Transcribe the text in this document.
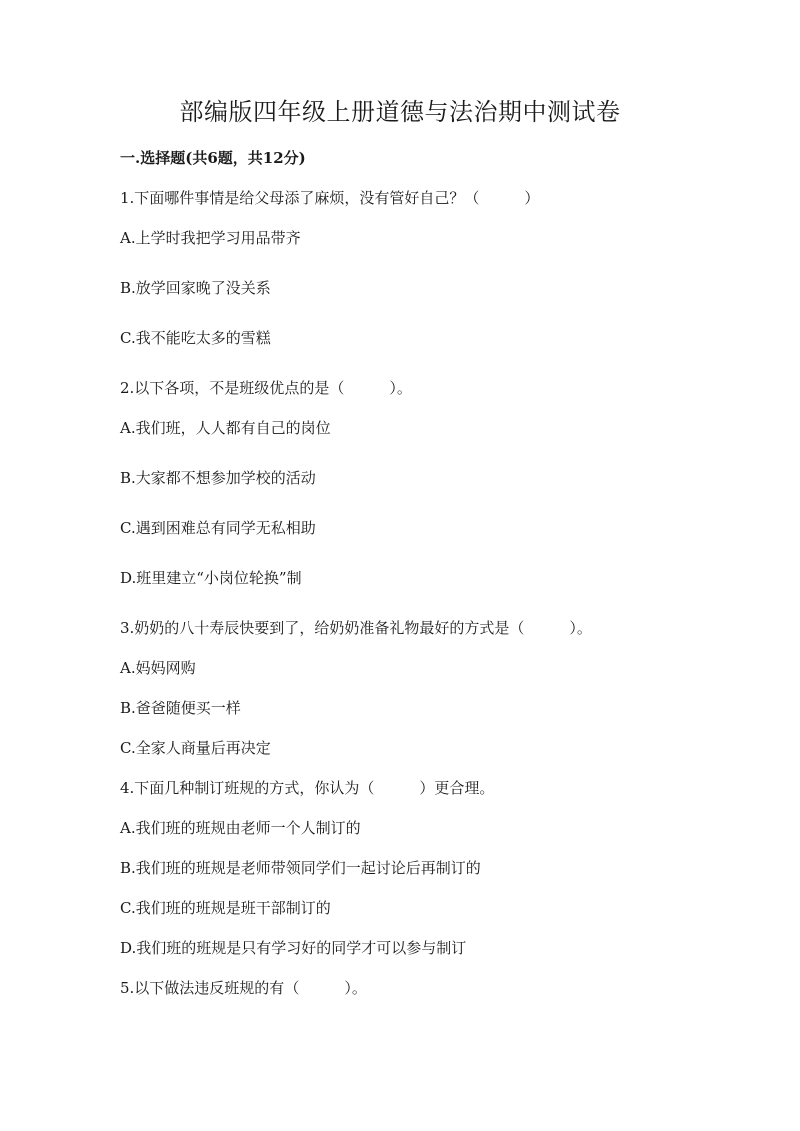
部编版四年级上册道德与法治期中测试卷
一.选择题(共6题，共12分)
1.下面哪件事情是给父母添了麻烦，没有管好自己？（　　　）
A.上学时我把学习用品带齐
B.放学回家晚了没关系
C.我不能吃太多的雪糕
2.以下各项，不是班级优点的是（　　　）。
A.我们班，人人都有自己的岗位
B.大家都不想参加学校的活动
C.遇到困难总有同学无私相助
D.班里建立“小岗位轮换”制
3.奶奶的八十寿辰快要到了，给奶奶准备礼物最好的方式是（　　　）。
A.妈妈网购
B.爸爸随便买一样
C.全家人商量后再决定
4.下面几种制订班规的方式，你认为（　　　）更合理。
A.我们班的班规由老师一个人制订的
B.我们班的班规是老师带领同学们一起讨论后再制订的
C.我们班的班规是班干部制订的
D.我们班的班规是只有学习好的同学才可以参与制订
5.以下做法违反班规的有（　　　）。
